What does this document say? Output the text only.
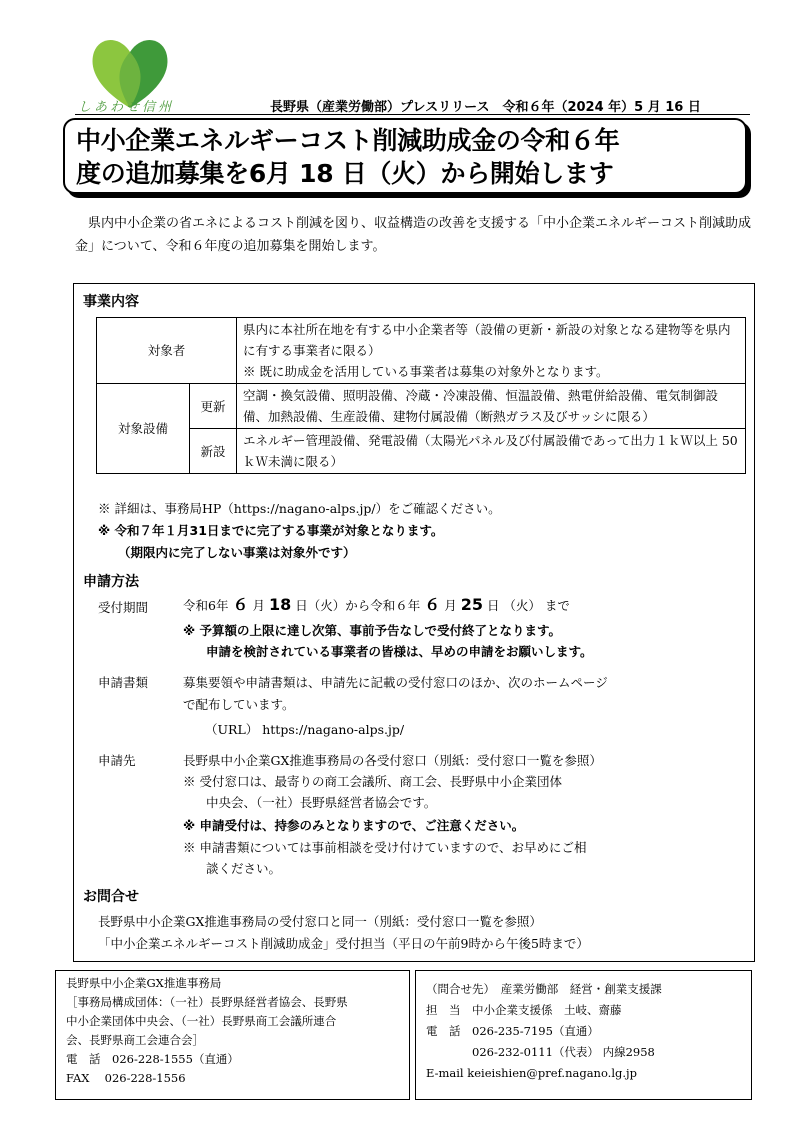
しあわせ信州	長野県（産業労働部）プレスリリース　令和６年（2024 年）5 月 16 日
中小企業エネルギーコスト削減助成金の令和６年
度の追加募集を6月 18 日（火）から開始します
県内中小企業の省エネによるコスト削減を図り、収益構造の改善を支援する「中小企業エネルギーコスト削減助成金」について、令和６年度の追加募集を開始します。
事業内容
対象者		県内に本社所在地を有する中小企業者等（設備の更新・新設の対象となる建物等を県内に有する事業者に限る）
※ 既に助成金を活用している事業者は募集の対象外となります。

対象設備	更新	空調・換気設備、照明設備、冷蔵・冷凍設備、恒温設備、熱電併給設備、電気制御設備、加熱設備、生産設備、建物付属設備（断熱ガラス及びサッシに限る）
	新設	エネルギー管理設備、発電設備（太陽光パネル及び付属設備であって出力１ｋＷ以上 50ｋＷ未満に限る）
※ 詳細は、事務局HP（https://nagano-alps.jp/）をご確認ください。
※ 令和７年１月31日までに完了する事業が対象となります。
（期限内に完了しない事業は対象外です）
申請方法
受付期間	令和6年 ６ 月 18 日（火）から令和６年 ６ 月 25 日 （火） まで
※ 予算額の上限に達し次第、事前予告なしで受付終了となります。
申請を検討されている事業者の皆様は、早めの申請をお願いします。
申請書類	募集要領や申請書類は、申請先に記載の受付窓口のほか、次のホームページ
で配布しています。
（URL） https://nagano-alps.jp/
申請先	長野県中小企業GX推進事務局の各受付窓口（別紙：受付窓口一覧を参照）
※ 受付窓口は、最寄りの商工会議所、商工会、長野県中小企業団体
中央会、（一社）長野県経営者協会です。
※ 申請受付は、持参のみとなりますので、ご注意ください。
※ 申請書類については事前相談を受け付けていますので、お早めにご相
談ください。
お問合せ
長野県中小企業GX推進事務局の受付窓口と同一（別紙：受付窓口一覧を参照）
「中小企業エネルギーコスト削減助成金」受付担当（平日の午前9時から午後5時まで）
長野県中小企業GX推進事務局
［事務局構成団体：（一社）長野県経営者協会、長野県
中小企業団体中央会、（一社）長野県商工会議所連合
会、長野県商工会連合会］
電　話　026-228-1555（直通）
FAX　 026-228-1556
（問合せ先）　産業労働部　経営・創業支援課
担　当　中小企業支援係　土岐、齋藤
電　話　026-235-7195（直通）
　　　　026-232-0111（代表） 内線2958
E-mail keieishien@pref.nagano.lg.jp
